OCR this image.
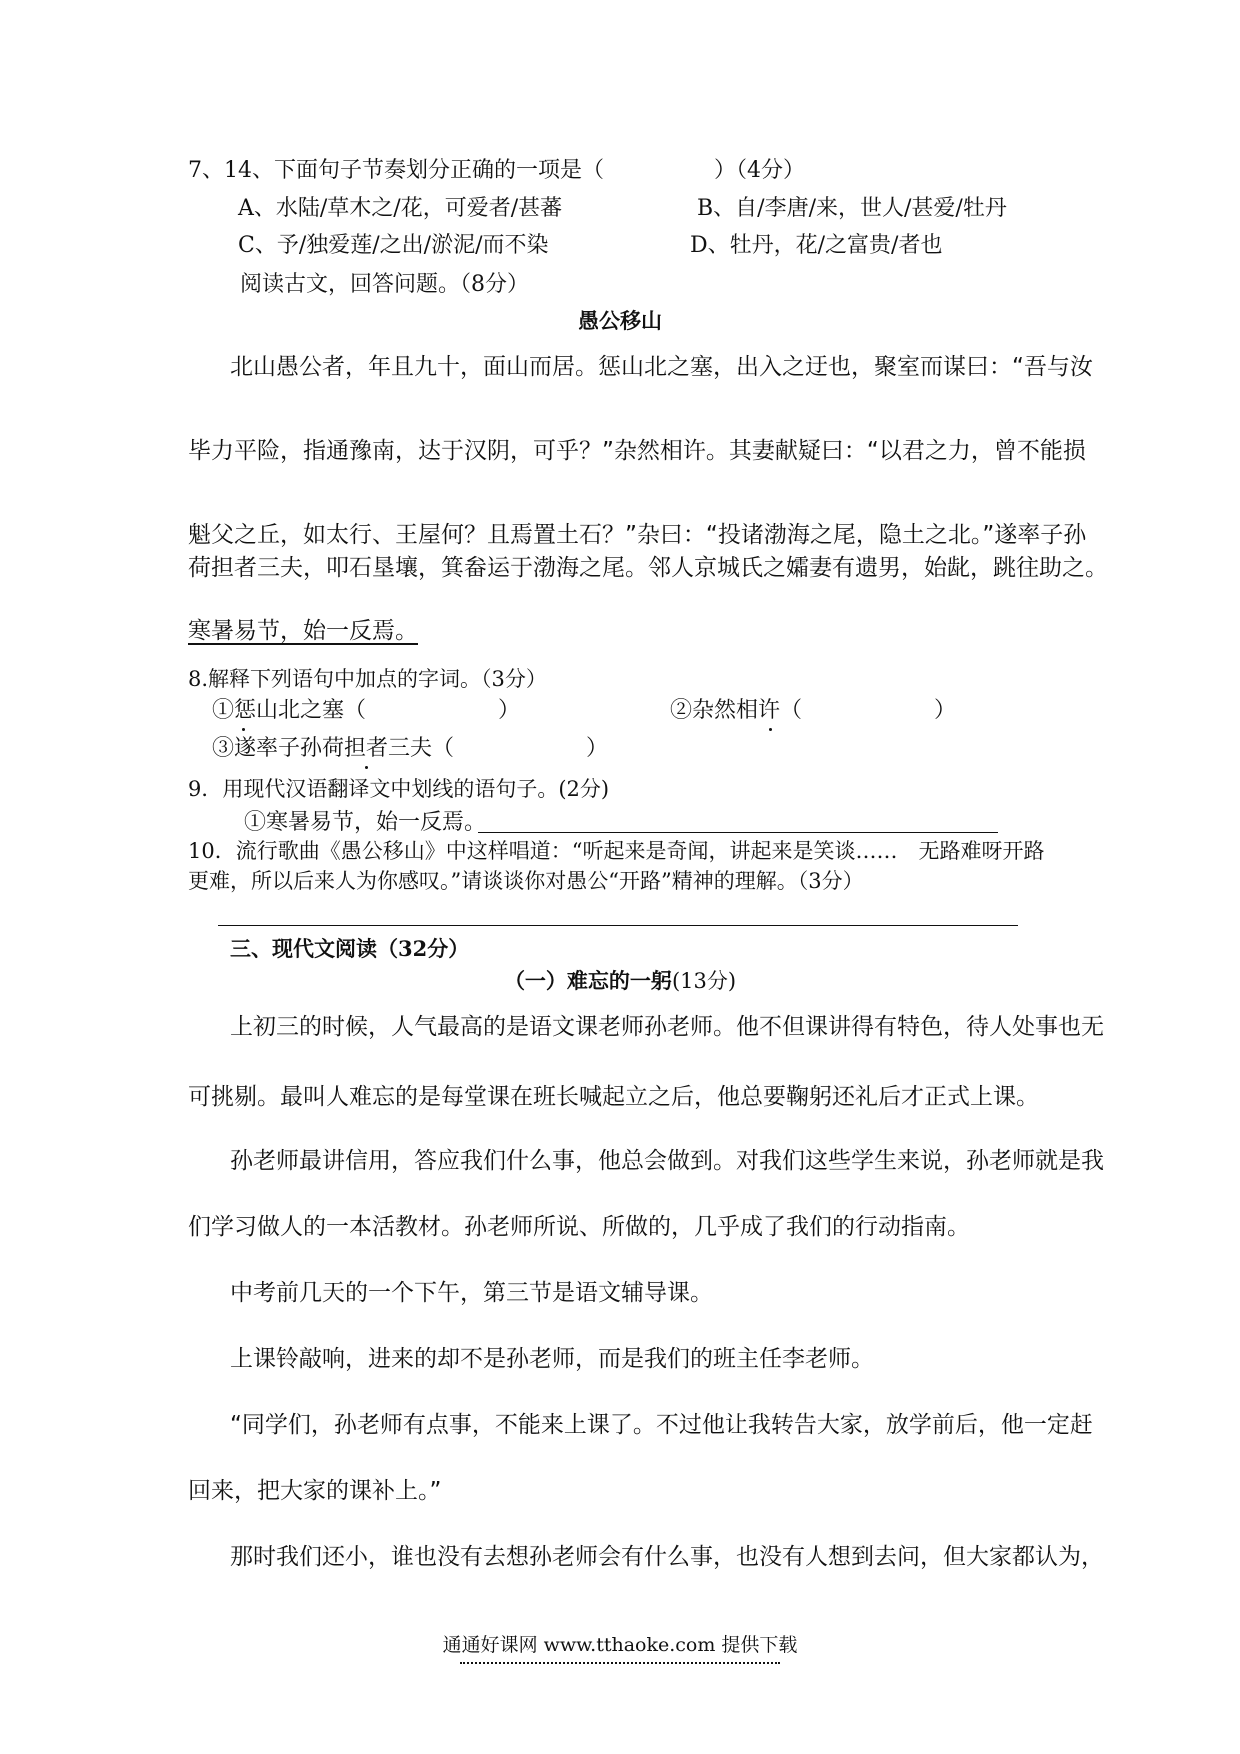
7、14、下面句子节奏划分正确的一项是（　　　　　）（4分）
A、水陆/草木之/花，可爱者/甚蕃	B、自/李唐/来，世人/甚爱/牡丹
C、予/独爱莲/之出/淤泥/而不染	D、牡丹，花/之富贵/者也
阅读古文，回答问题。（8分）
愚公移山
北山愚公者，年且九十，面山而居。惩山北之塞，出入之迂也，聚室而谋曰：“吾与汝
毕力平险，指通豫南，达于汉阴，可乎？”杂然相许。其妻献疑曰：“以君之力，曾不能损
魁父之丘，如太行、王屋何？且焉置土石？”杂曰：“投诸渤海之尾，隐土之北。”遂率子孙
荷担者三夫，叩石垦壤，箕畚运于渤海之尾。邻人京城氏之孀妻有遗男，始龀，跳往助之。
寒暑易节，始一反焉。
8.解释下列语句中加点的字词。（3分）
①惩山北之塞（　　　　　　）	②杂然相许（　　　　　　）
③遂率子孙荷担者三夫（　　　　　　）
9．用现代汉语翻译文中划线的语句子。(2分)
①寒暑易节，始一反焉。
10．流行歌曲《愚公移山》中这样唱道：“听起来是奇闻，讲起来是笑谈……　无路难呀开路
更难，所以后来人为你感叹。”请谈谈你对愚公“开路”精神的理解。（3分）
三、现代文阅读（32分）
（一）难忘的一躬(13分)
上初三的时候，人气最高的是语文课老师孙老师。他不但课讲得有特色，待人处事也无
可挑剔。最叫人难忘的是每堂课在班长喊起立之后，他总要鞠躬还礼后才正式上课。
孙老师最讲信用，答应我们什么事，他总会做到。对我们这些学生来说，孙老师就是我
们学习做人的一本活教材。孙老师所说、所做的，几乎成了我们的行动指南。
中考前几天的一个下午，第三节是语文辅导课。
上课铃敲响，进来的却不是孙老师，而是我们的班主任李老师。
“同学们，孙老师有点事，不能来上课了。不过他让我转告大家，放学前后，他一定赶
回来，把大家的课补上。”
那时我们还小，谁也没有去想孙老师会有什么事，也没有人想到去问，但大家都认为，
通通好课网 www.tthaoke.com 提供下载
